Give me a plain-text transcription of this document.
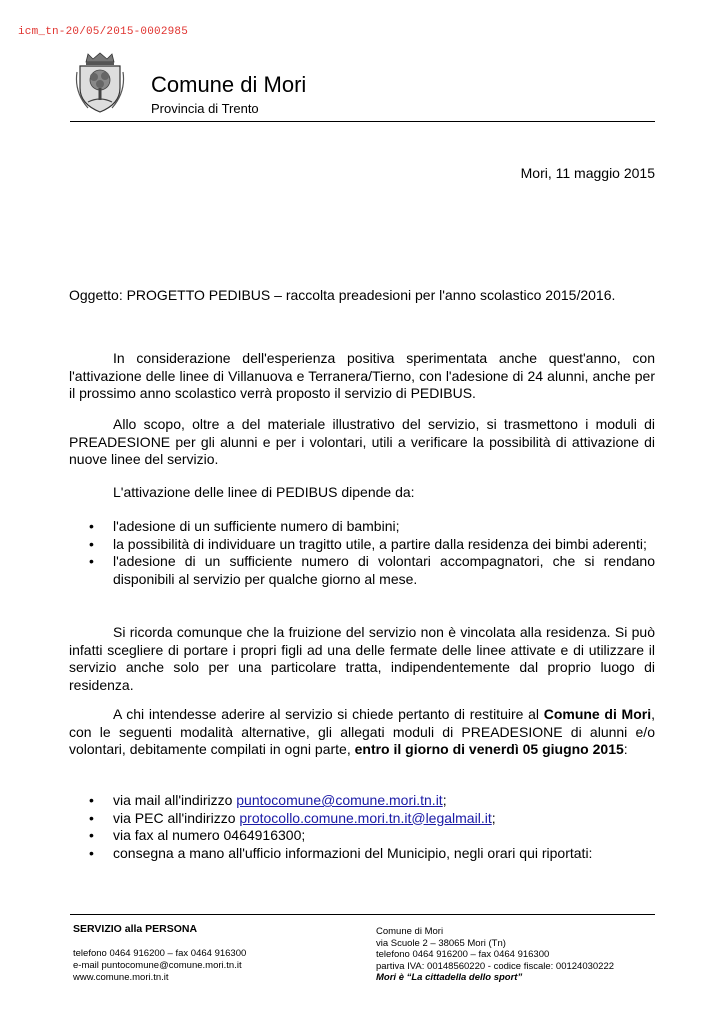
icm_tn-20/05/2015-0002985
Comune di Mori
Provincia di Trento
Mori, 11 maggio 2015
Oggetto: PROGETTO PEDIBUS – raccolta preadesioni per l'anno scolastico 2015/2016.

In considerazione dell'esperienza positiva sperimentata anche quest'anno, con l'attivazione delle linee di Villanuova e Terranera/Tierno, con l'adesione di 24 alunni, anche per il prossimo anno scolastico verrà proposto il servizio di PEDIBUS.

Allo scopo, oltre a del materiale illustrativo del servizio, si trasmettono i moduli di PREADESIONE per gli alunni e per i volontari, utili a verificare la possibilità di attivazione di nuove linee del servizio.

L'attivazione delle linee di PEDIBUS dipende da:

• l'adesione di un sufficiente numero di bambini;
• la possibilità di individuare un tragitto utile, a partire dalla residenza dei bimbi aderenti;
• l'adesione di un sufficiente numero di volontari accompagnatori, che si rendano disponibili al servizio per qualche giorno al mese.

Si ricorda comunque che la fruizione del servizio non è vincolata alla residenza. Si può infatti scegliere di portare i propri figli ad una delle fermate delle linee attivate e di utilizzare il servizio anche solo per una particolare tratta, indipendentemente dal proprio luogo di residenza.

A chi intendesse aderire al servizio si chiede pertanto di restituire al Comune di Mori, con le seguenti modalità alternative, gli allegati moduli di PREADESIONE di alunni e/o volontari, debitamente compilati in ogni parte, entro il giorno di venerdì 05 giugno 2015:

• via mail all'indirizzo puntocomune@comune.mori.tn.it;
• via PEC all'indirizzo protocollo.comune.mori.tn.it@legalmail.it;
• via fax al numero 0464916300;
• consegna a mano all'ufficio informazioni del Municipio, negli orari qui riportati:
SERVIZIO alla PERSONA
telefono 0464 916200 – fax 0464 916300
e-mail puntocomune@comune.mori.tn.it
www.comune.mori.tn.it
Comune di Mori
via Scuole 2 – 38065 Mori (Tn)
telefono 0464 916200 – fax 0464 916300
partiva IVA: 00148560220 - codice fiscale: 00124030222
Mori è “La cittadella dello sport”
